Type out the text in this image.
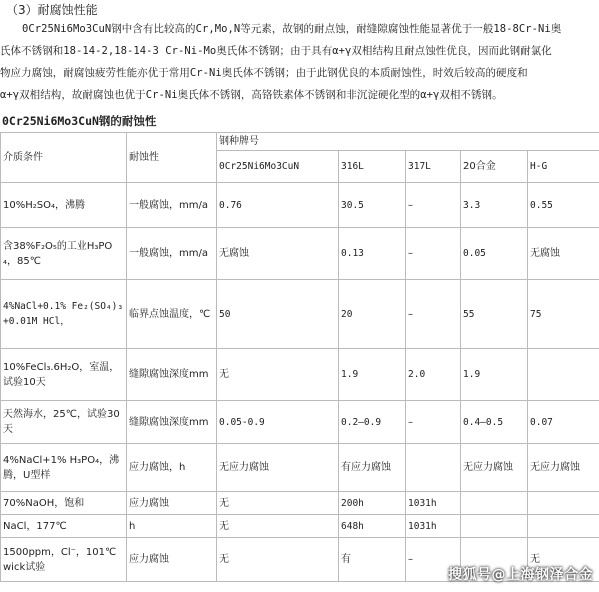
（3）耐腐蚀性能
0Cr25Ni6Mo3CuN钢中含有比较高的Cr,Mo,N等元素，故钢的耐点蚀，耐缝隙腐蚀性能显著优于一般18-8Cr-Ni奥
氏体不锈钢和18-14-2,18-14-3 Cr-Ni-Mo奥氏体不锈钢；由于具有α+γ双相结构且耐点蚀性优良，因而此钢耐氯化
物应力腐蚀，耐腐蚀疲劳性能亦优于常用Cr-Ni奥氏体不锈钢；由于此钢优良的本质耐蚀性，时效后较高的硬度和
α+γ双相结构，故耐腐蚀也优于Cr-Ni奥氏体不锈钢，高铬铁素体不锈钢和非沉淀硬化型的α+γ双相不锈钢。
0Cr25Ni6Mo3CuN钢的耐蚀性
介质条件	耐蚀性	钢种牌号				
		0Cr25Ni6Mo3CuN	316L	317L	20合金	H-G
10%H₂SO₄，沸腾	一般腐蚀，mm/a	0.76	30.5	–	3.3	0.55
含38%F₂O₅的工业H₃PO₄，85℃	一般腐蚀，mm/a	无腐蚀	0.13	–	0.05	无腐蚀
4%NaCl+0.1% Fe₂(SO₄)₃+0.01M HCl，	临界点蚀温度，℃	50	20	–	55	75
10%FeCl₃.6H₂O，室温，试验10天	缝隙腐蚀深度mm	无	1.9	2.0	1.9	
天然海水，25℃，试验30天	缝隙腐蚀深度mm	0.05-0.9	0.2—0.9	–	0.4—0.5	0.07
4%NaCl+1% H₃PO₄，沸腾，U型样	应力腐蚀，h	无应力腐蚀	有应力腐蚀		无应力腐蚀	无应力腐蚀
70%NaOH，饱和	应力腐蚀	无	200h	1031h		
NaCl，177℃	h	无	648h	1031h		
1500ppm，Cl⁻，101℃wick试验	应力腐蚀	无	有	–		无
搜狐号@上海钢泽合金
